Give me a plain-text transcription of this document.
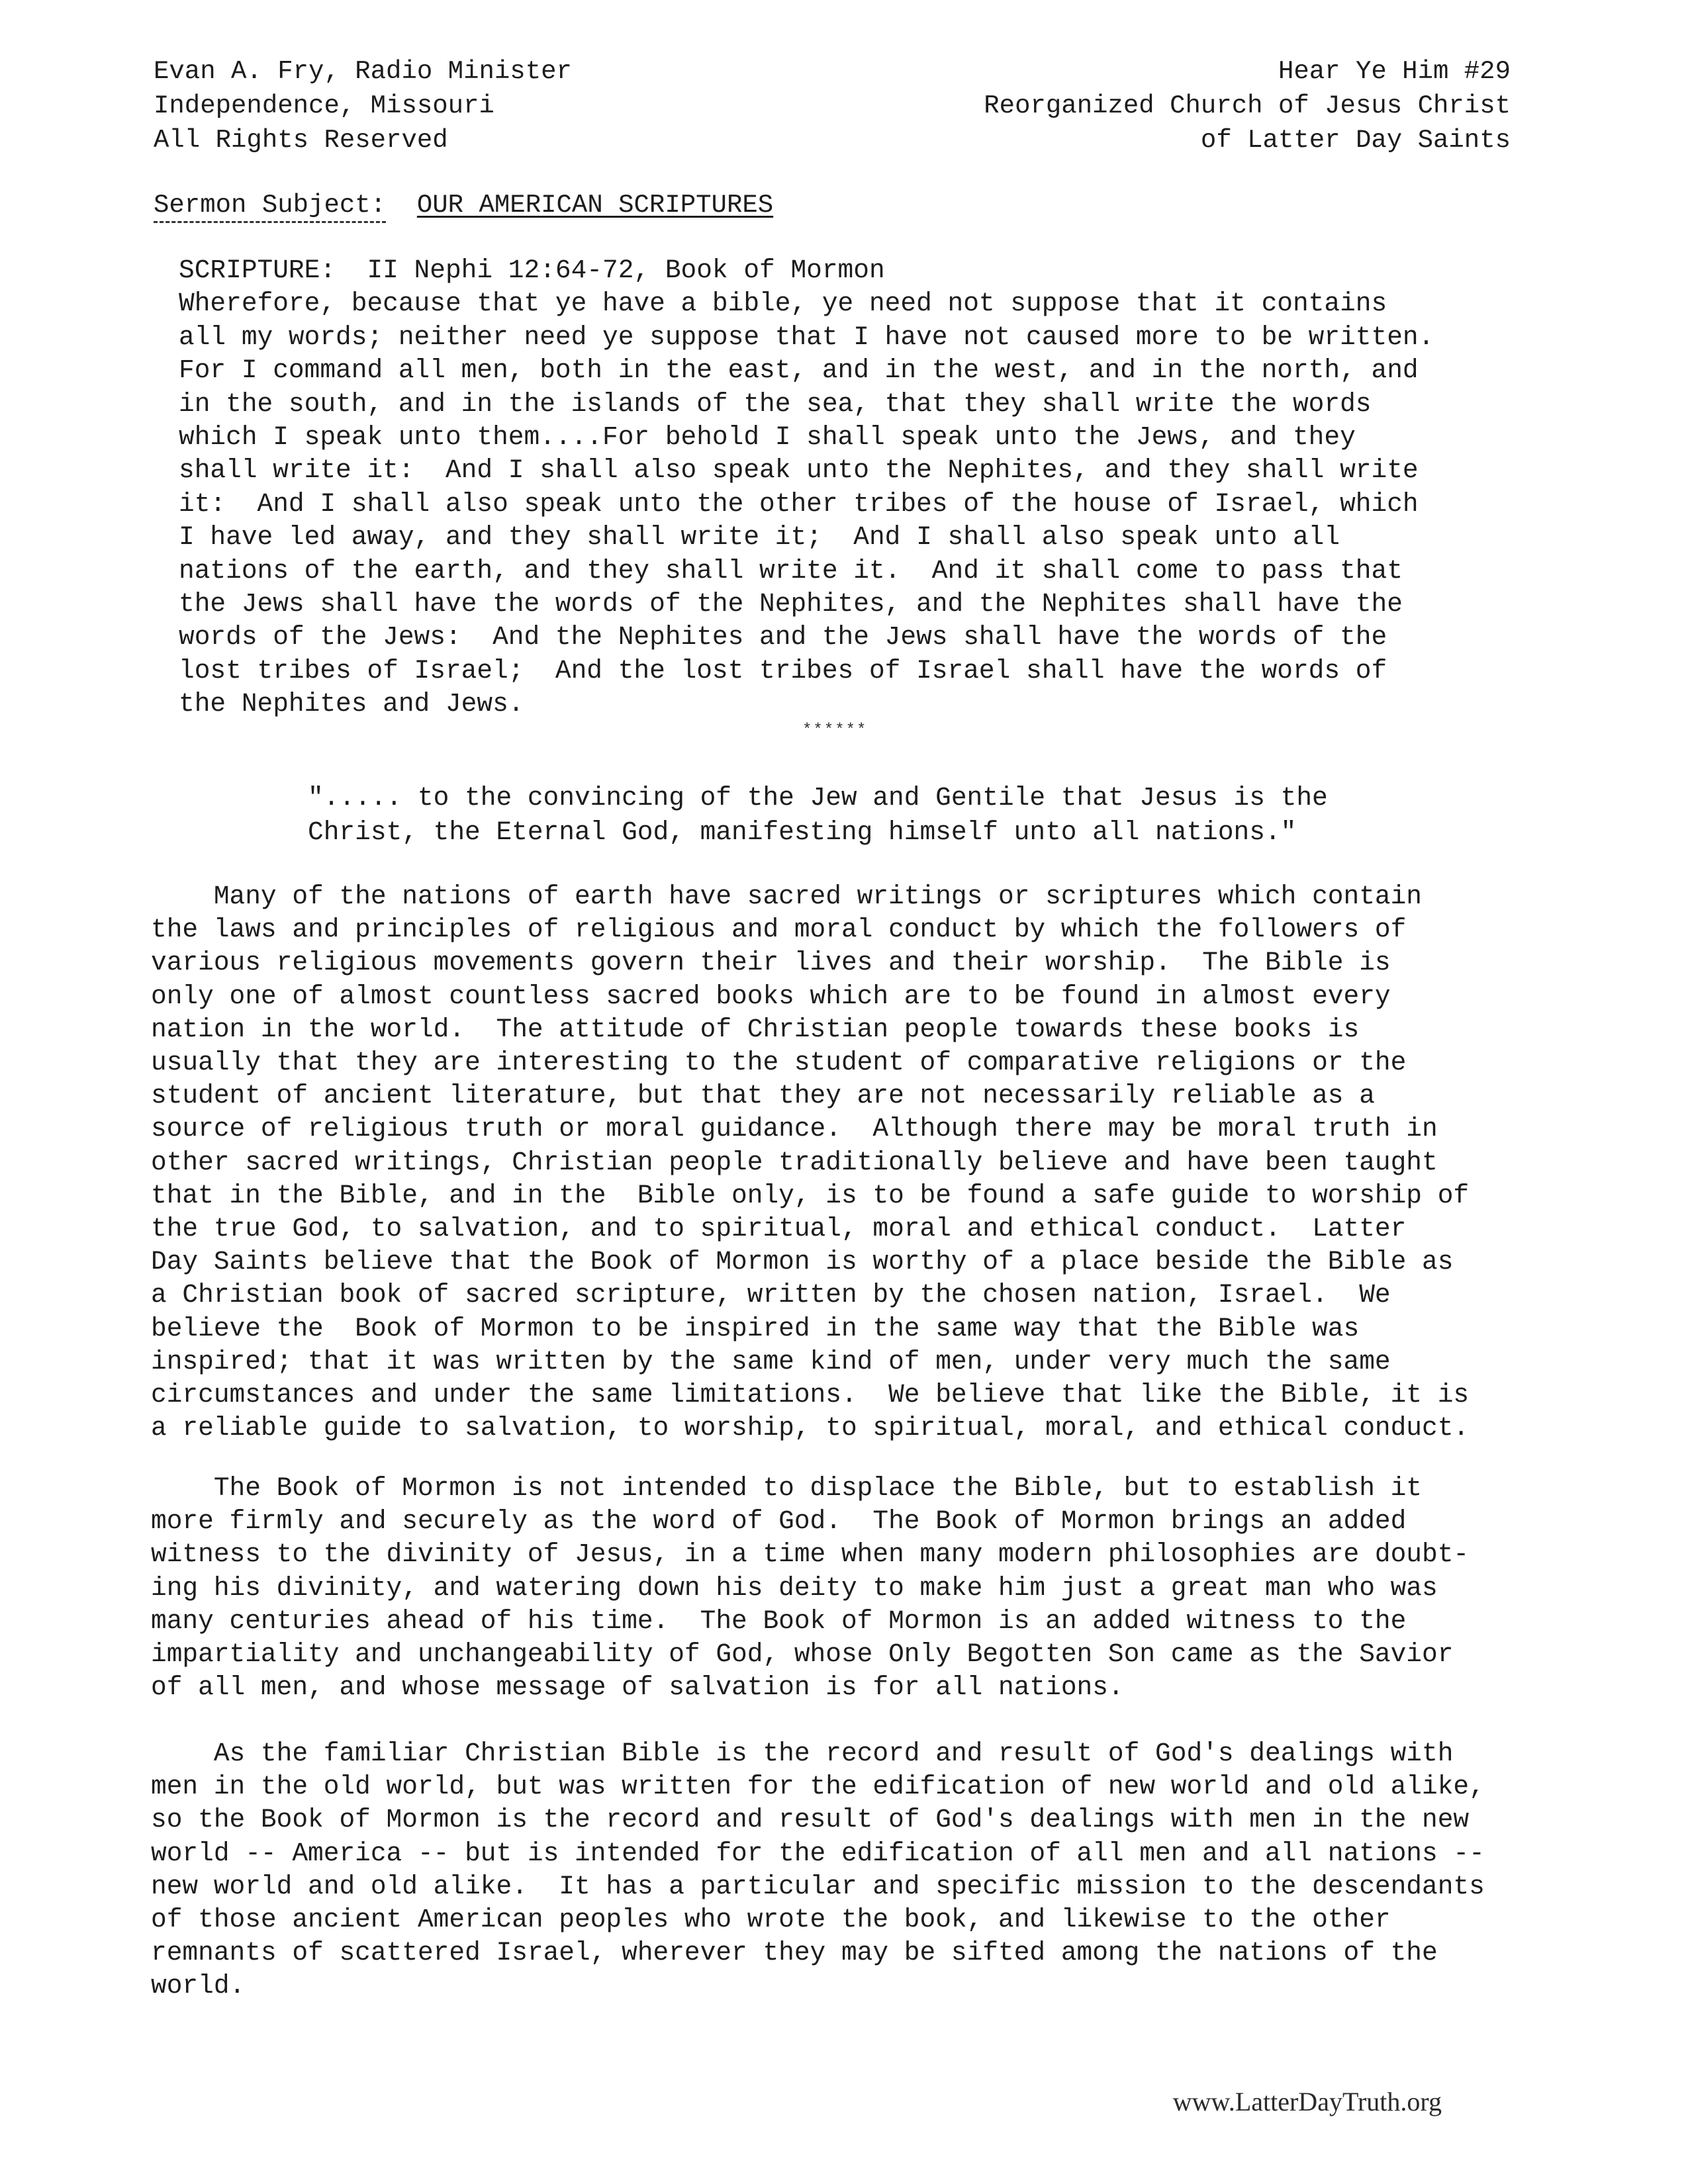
Evan A. Fry, Radio Minister
Independence, Missouri
All Rights Reserved
Hear Ye Him #29
Reorganized Church of Jesus Christ
of Latter Day Saints
Sermon Subject: OUR AMERICAN SCRIPTURES
SCRIPTURE:  II Nephi 12:64-72, Book of Mormon
Wherefore, because that ye have a bible, ye need not suppose that it contains
all my words; neither need ye suppose that I have not caused more to be written.
For I command all men, both in the east, and in the west, and in the north, and
in the south, and in the islands of the sea, that they shall write the words
which I speak unto them....For behold I shall speak unto the Jews, and they
shall write it:  And I shall also speak unto the Nephites, and they shall write
it:  And I shall also speak unto the other tribes of the house of Israel, which
I have led away, and they shall write it;  And I shall also speak unto all
nations of the earth, and they shall write it.  And it shall come to pass that
the Jews shall have the words of the Nephites, and the Nephites shall have the
words of the Jews:  And the Nephites and the Jews shall have the words of the
lost tribes of Israel;  And the lost tribes of Israel shall have the words of
the Nephites and Jews.
******
"..... to the convincing of the Jew and Gentile that Jesus is the
Christ, the Eternal God, manifesting himself unto all nations."
Many of the nations of earth have sacred writings or scriptures which contain
the laws and principles of religious and moral conduct by which the followers of
various religious movements govern their lives and their worship.  The Bible is
only one of almost countless sacred books which are to be found in almost every
nation in the world.  The attitude of Christian people towards these books is
usually that they are interesting to the student of comparative religions or the
student of ancient literature, but that they are not necessarily reliable as a
source of religious truth or moral guidance.  Although there may be moral truth in
other sacred writings, Christian people traditionally believe and have been taught
that in the Bible, and in the  Bible only, is to be found a safe guide to worship of
the true God, to salvation, and to spiritual, moral and ethical conduct.  Latter
Day Saints believe that the Book of Mormon is worthy of a place beside the Bible as
a Christian book of sacred scripture, written by the chosen nation, Israel.  We
believe the  Book of Mormon to be inspired in the same way that the Bible was
inspired; that it was written by the same kind of men, under very much the same
circumstances and under the same limitations.  We believe that like the Bible, it is
a reliable guide to salvation, to worship, to spiritual, moral, and ethical conduct.
The Book of Mormon is not intended to displace the Bible, but to establish it
more firmly and securely as the word of God.  The Book of Mormon brings an added
witness to the divinity of Jesus, in a time when many modern philosophies are doubt-
ing his divinity, and watering down his deity to make him just a great man who was
many centuries ahead of his time.  The Book of Mormon is an added witness to the
impartiality and unchangeability of God, whose Only Begotten Son came as the Savior
of all men, and whose message of salvation is for all nations.
As the familiar Christian Bible is the record and result of God's dealings with
men in the old world, but was written for the edification of new world and old alike,
so the Book of Mormon is the record and result of God's dealings with men in the new
world -- America -- but is intended for the edification of all men and all nations --
new world and old alike.  It has a particular and specific mission to the descendants
of those ancient American peoples who wrote the book, and likewise to the other
remnants of scattered Israel, wherever they may be sifted among the nations of the
world.
www.LatterDayTruth.org
